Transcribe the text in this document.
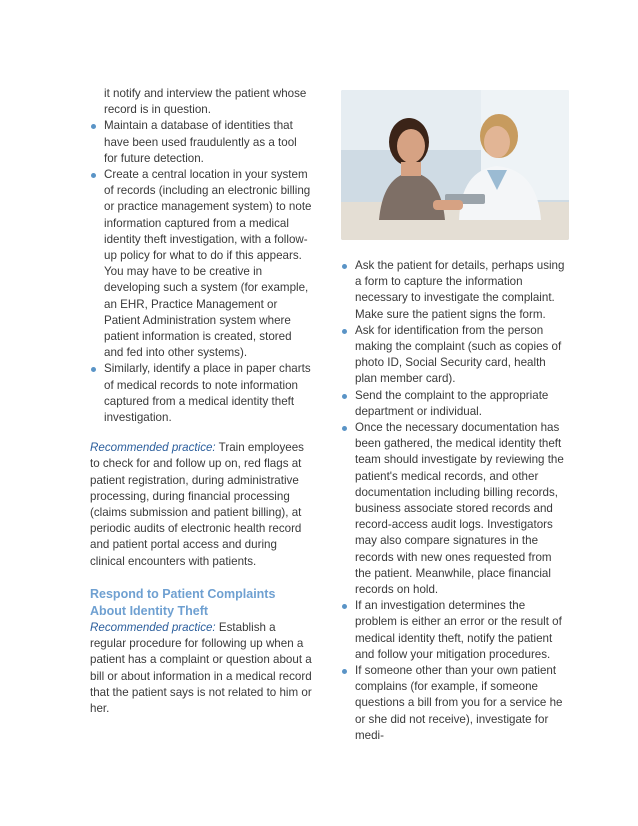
it notify and interview the patient whose record is in question.
Maintain a database of identities that have been used fraudulently as a tool for future detection.
Create a central location in your system of records (including an electronic billing or practice management system) to note information captured from a medical identity theft investigation, with a follow-up policy for what to do if this appears. You may have to be creative in developing such a system (for example, an EHR, Practice Management or Patient Administration system where patient information is created, stored and fed into other systems).
Similarly, identify a place in paper charts of medical records to note information captured from a medical identity theft investigation.

Recommended practice: Train employees to check for and follow up on, red flags at patient registration, during administrative processing, during financial processing (claims submission and patient billing), at periodic audits of electronic health record and patient portal access and during clinical encounters with patients.

Respond to Patient Complaints About Identity Theft

Recommended practice: Establish a regular procedure for following up when a patient has a complaint or question about a bill or about information in a medical record that the patient says is not related to him or her.

Ask the patient for details, perhaps using a form to capture the information necessary to investigate the complaint. Make sure the patient signs the form.
Ask for identification from the person making the complaint (such as copies of photo ID, Social Security card, health plan member card).
Send the complaint to the appropriate department or individual.
Once the necessary documentation has been gathered, the medical identity theft team should investigate by reviewing the patient's medical records, and other documentation including billing records, business associate stored records and record-access audit logs. Investigators may also compare signatures in the records with new ones requested from the patient. Meanwhile, place financial records on hold.
If an investigation determines the problem is either an error or the result of medical identity theft, notify the patient and follow your mitigation procedures.
If someone other than your own patient complains (for example, if someone questions a bill from you for a service he or she did not receive), investigate for medi-
